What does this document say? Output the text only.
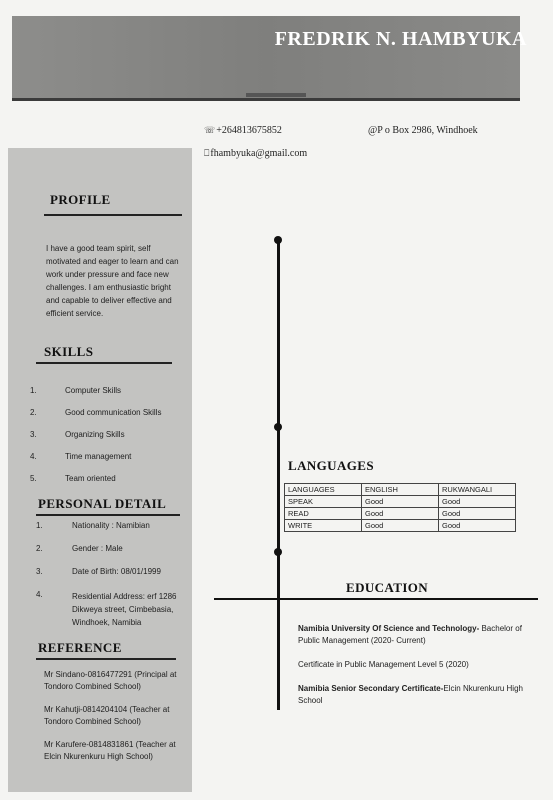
FREDRIK N. HAMBYUKA
☏+264813675852	@P o Box 2986, Windhoek
⎕fhambyuka@gmail.com
PROFILE
I have a good team spirit, self
motivated and eager to learn and can
work under pressure and face new
challenges. I am enthusiastic bright
and capable to deliver effective and
efficient service.
SKILLS
1.	Computer Skills
2.	Good communication Skills
3.	Organizing Skills
4.	Time management
5.	Team oriented
PERSONAL DETAIL
1.	Nationality : Namibian
2.	Gender : Male
3.	Date of Birth: 08/01/1999
4.	Residential Address: erf 1286
Dikweya street, Cimbebasia,
Windhoek, Namibia
REFERENCE
Mr Sindano-0816477291 (Principal at
Tondoro Combined School)
Mr Kahutji-0814204104 (Teacher at
Tondoro Combined School)
Mr Karufere-0814831861 (Teacher at
Elcin Nkurenkuru High School)
LANGUAGES
LANGUAGES	ENGLISH	RUKWANGALI
SPEAK	Good	Good
READ	Good	Good
WRITE	Good	Good
EDUCATION
Namibia University Of Science and Technology- Bachelor of
Public Management (2020- Current)
Certificate in Public Management Level 5 (2020)
Namibia Senior Secondary Certificate-Elcin Nkurenkuru High
School
